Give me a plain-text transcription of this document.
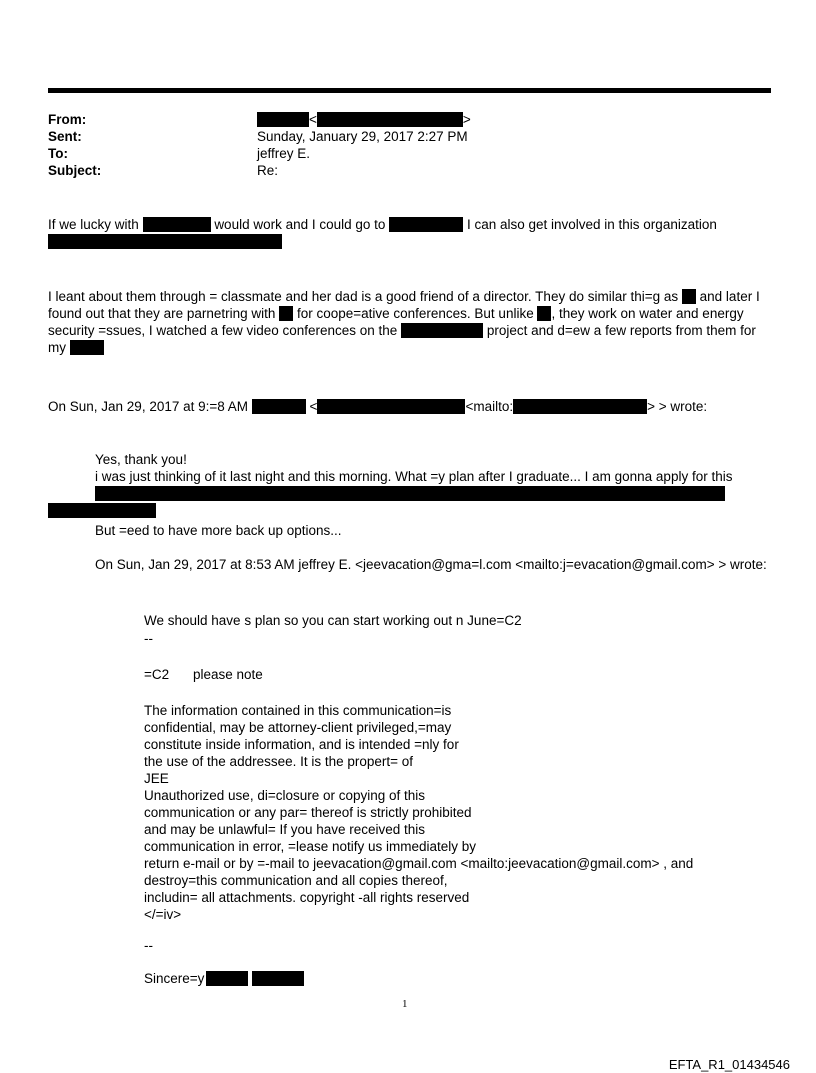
From:	<	>
Sent:	Sunday, January 29, 2017 2:27 PM
To:	jeffrey E.
Subject:	Re:
If we lucky with	would work and I could go to	I can also get involved in this organization
I leant about them through = classmate and her dad is a good friend of a director. They do similar thi=g as and later I
found out that they are parnetring with for coope=ative conferences. But unlike , they work on water and energy
security =ssues, I watched a few video conferences on the	project and d=ew a few reports from them for
my
On Sun, Jan 29, 2017 at 9:=8 AM	<	<mailto:	> > wrote:
Yes, thank you!
i was just thinking of it last night and this morning. What =y plan after I graduate... I am gonna apply for this
But =eed to have more back up options...
On Sun, Jan 29, 2017 at 8:53 AM jeffrey E. <jeevacation@gma=l.com <mailto:j=evacation@gmail.com> > wrote:
We should have s plan so you can start working out n June=C2
--
=C2 please note
The information contained in this communication=is
confidential, may be attorney-client privileged,=may
constitute inside information, and is intended =nly for
the use of the addressee. It is the propert= of
JEE
Unauthorized use, di=closure or copying of this
communication or any par= thereof is strictly prohibited
and may be unlawful= If you have received this
communication in error, =lease notify us immediately by
return e-mail or by =-mail to jeevacation@gmail.com <mailto:jeevacation@gmail.com> , and
destroy=this communication and all copies thereof,
includin= all attachments. copyright -all rights reserved
</=iv>
--
Sincere=y
1
EFTA_R1_01434546
